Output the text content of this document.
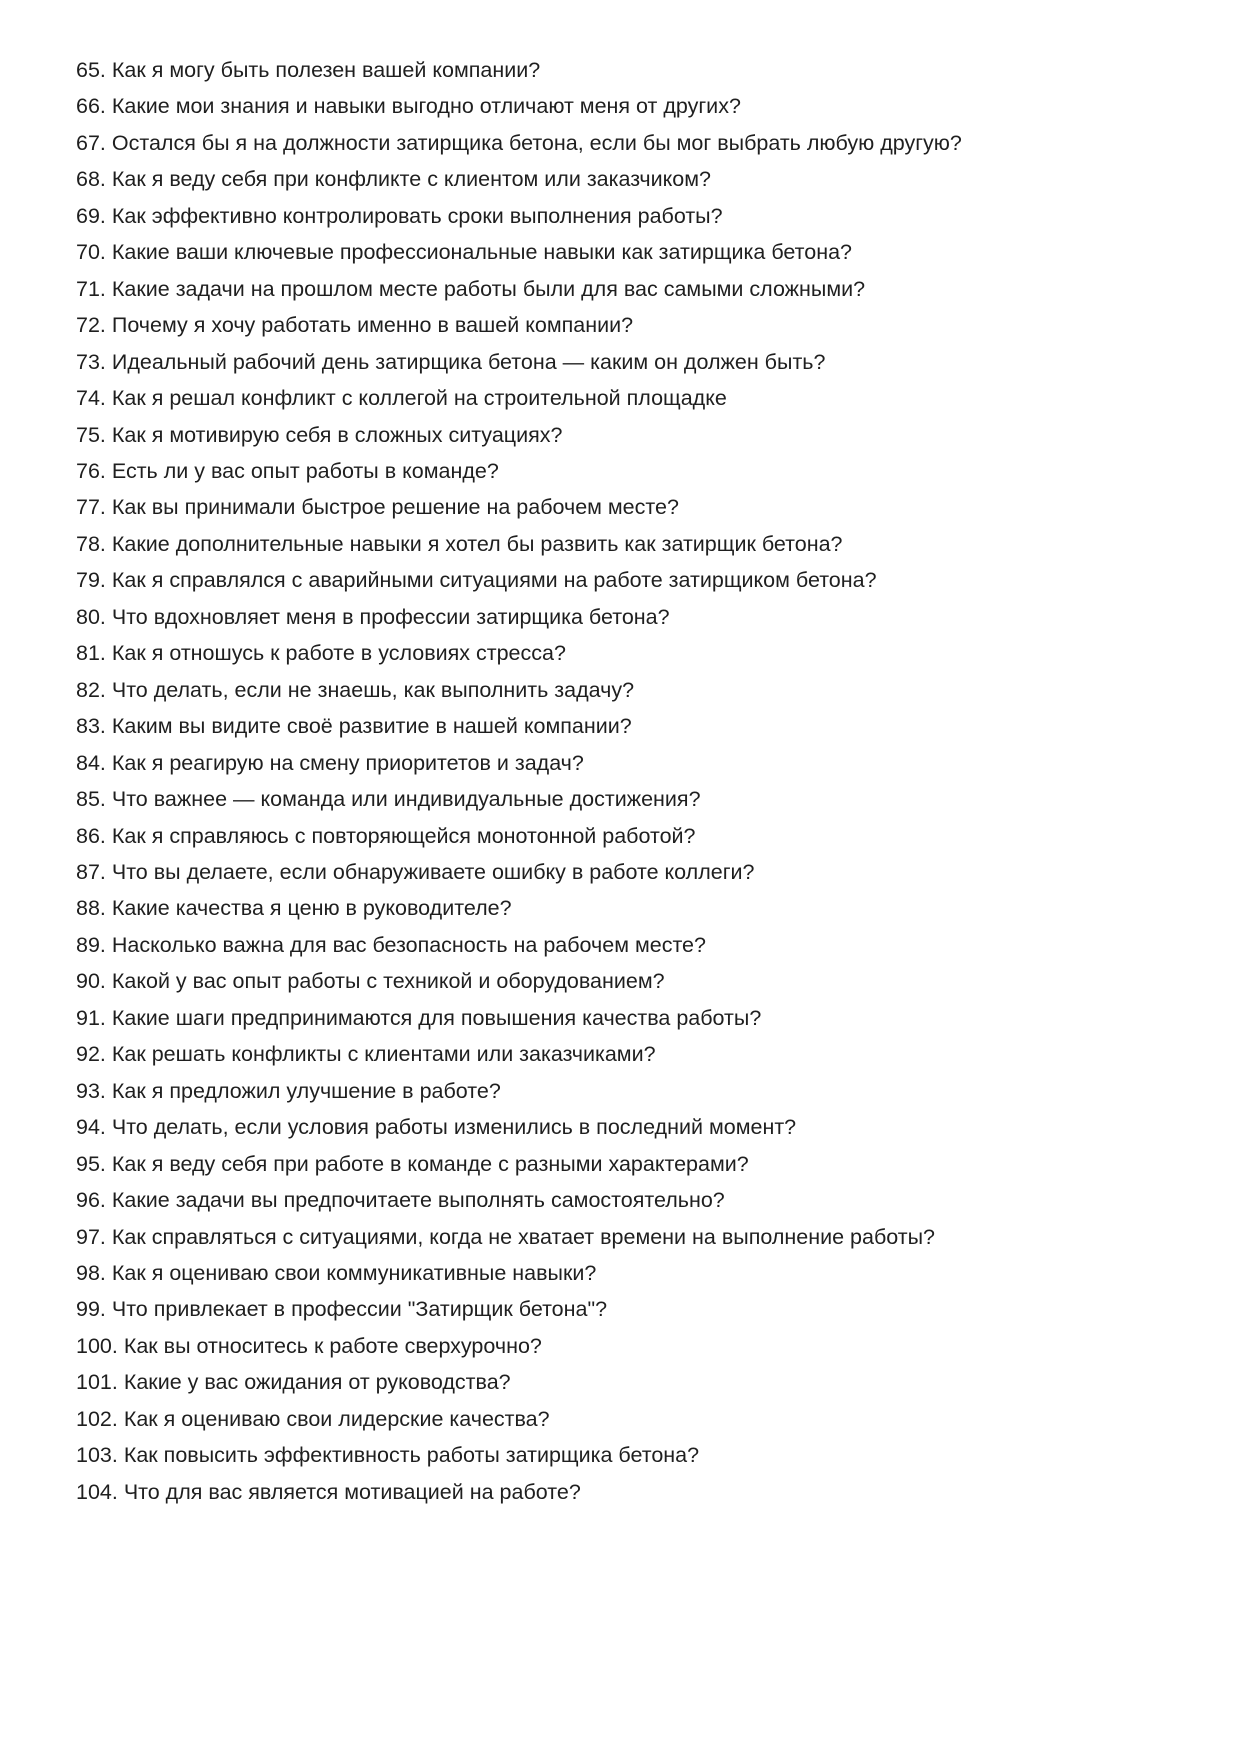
65. Как я могу быть полезен вашей компании?
66. Какие мои знания и навыки выгодно отличают меня от других?
67. Остался бы я на должности затирщика бетона, если бы мог выбрать любую другую?
68. Как я веду себя при конфликте с клиентом или заказчиком?
69. Как эффективно контролировать сроки выполнения работы?
70. Какие ваши ключевые профессиональные навыки как затирщика бетона?
71. Какие задачи на прошлом месте работы были для вас самыми сложными?
72. Почему я хочу работать именно в вашей компании?
73. Идеальный рабочий день затирщика бетона — каким он должен быть?
74. Как я решал конфликт с коллегой на строительной площадке
75. Как я мотивирую себя в сложных ситуациях?
76. Есть ли у вас опыт работы в команде?
77. Как вы принимали быстрое решение на рабочем месте?
78. Какие дополнительные навыки я хотел бы развить как затирщик бетона?
79. Как я справлялся с аварийными ситуациями на работе затирщиком бетона?
80. Что вдохновляет меня в профессии затирщика бетона?
81. Как я отношусь к работе в условиях стресса?
82. Что делать, если не знаешь, как выполнить задачу?
83. Каким вы видите своё развитие в нашей компании?
84. Как я реагирую на смену приоритетов и задач?
85. Что важнее — команда или индивидуальные достижения?
86. Как я справляюсь с повторяющейся монотонной работой?
87. Что вы делаете, если обнаруживаете ошибку в работе коллеги?
88. Какие качества я ценю в руководителе?
89. Насколько важна для вас безопасность на рабочем месте?
90. Какой у вас опыт работы с техникой и оборудованием?
91. Какие шаги предпринимаются для повышения качества работы?
92. Как решать конфликты с клиентами или заказчиками?
93. Как я предложил улучшение в работе?
94. Что делать, если условия работы изменились в последний момент?
95. Как я веду себя при работе в команде с разными характерами?
96. Какие задачи вы предпочитаете выполнять самостоятельно?
97. Как справляться с ситуациями, когда не хватает времени на выполнение работы?
98. Как я оцениваю свои коммуникативные навыки?
99. Что привлекает в профессии "Затирщик бетона"?
100. Как вы относитесь к работе сверхурочно?
101. Какие у вас ожидания от руководства?
102. Как я оцениваю свои лидерские качества?
103. Как повысить эффективность работы затирщика бетона?
104. Что для вас является мотивацией на работе?
